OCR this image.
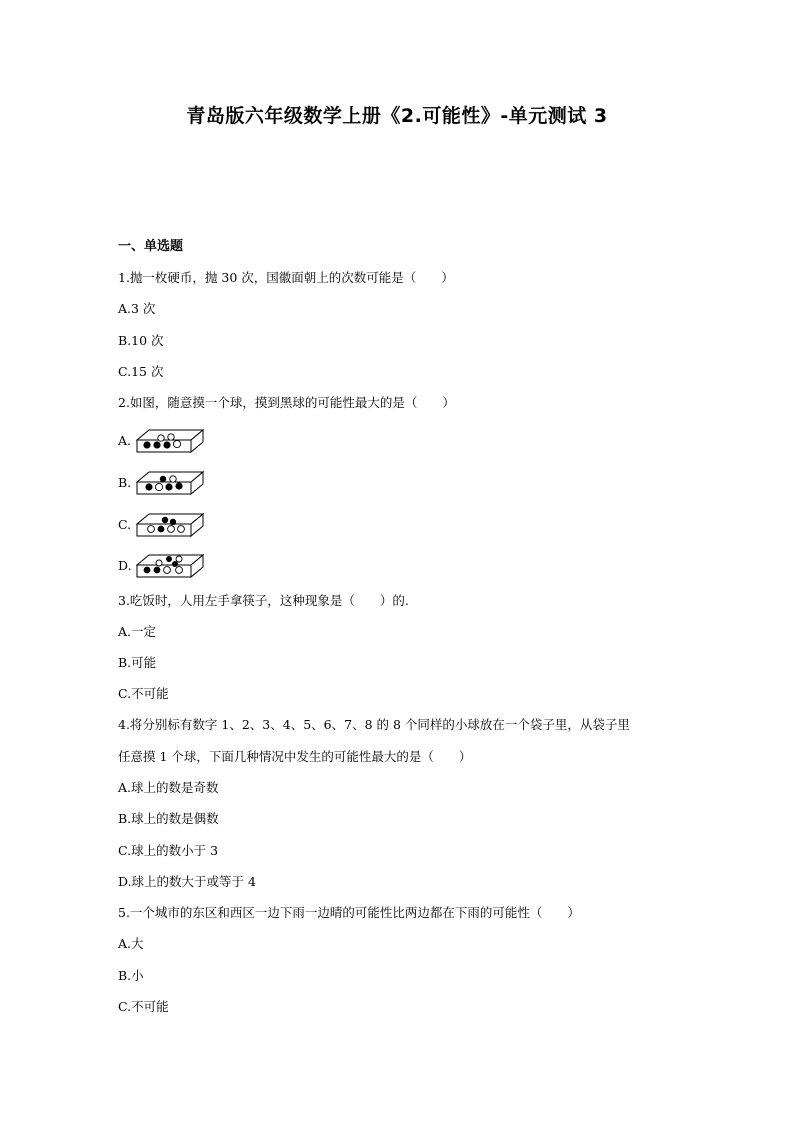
青岛版六年级数学上册《2.可能性》-单元测试 3
一、单选题
1.抛一枚硬币，抛 30 次，国徽面朝上的次数可能是（　　）
A.3 次
B.10 次
C.15 次
2.如图，随意摸一个球，摸到黑球的可能性最大的是（　　）
A.
B.
C.
D.
3.吃饭时，人用左手拿筷子，这种现象是（　　）的.
A.一定
B.可能
C.不可能
4.将分别标有数字 1、2、3、4、5、6、7、8 的 8 个同样的小球放在一个袋子里，从袋子里
任意摸 1 个球，下面几种情况中发生的可能性最大的是（　　）
A.球上的数是奇数
B.球上的数是偶数
C.球上的数小于 3
D.球上的数大于或等于 4
5.一个城市的东区和西区一边下雨一边晴的可能性比两边都在下雨的可能性（　　）
A.大
B.小
C.不可能
